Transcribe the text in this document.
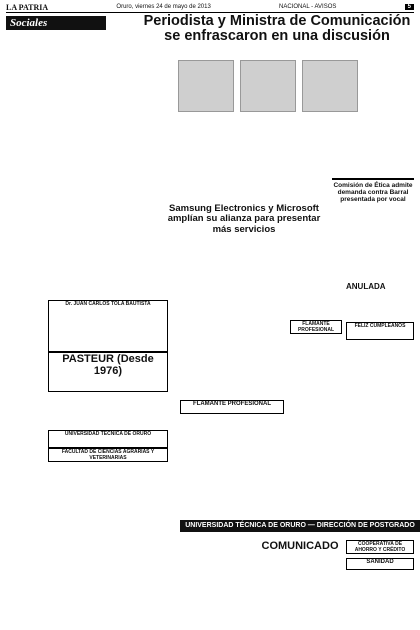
LA PATRIA	Oruro, viernes 24 de mayo de 2013	NACIONAL - AVISOS	5
Sociales	Periodista y Ministra de Comunicación
se enfrascaron en una discusión
Samsung Electronics y Microsoft amplían su alianza para presentar más servicios
Comisión de Ética admite demanda contra Barral presentada por vocal
ANULADA
Dr. JUAN CARLOS TOLA BAUTISTA
PASTEUR (Desde 1976)
UNIVERSIDAD TÉCNICA DE ORURO
FACULTAD DE CIENCIAS AGRARIAS Y VETERINARIAS
FLAMANTE PROFESIONAL
FLAMANTE PROFESIONAL
FELIZ CUMPLEAÑOS
UNIVERSIDAD TÉCNICA DE ORURO — DIRECCIÓN DE POSTGRADO
COMUNICADO	COOPERATIVA DE AHORRO Y CRÉDITO
SANIDAD
